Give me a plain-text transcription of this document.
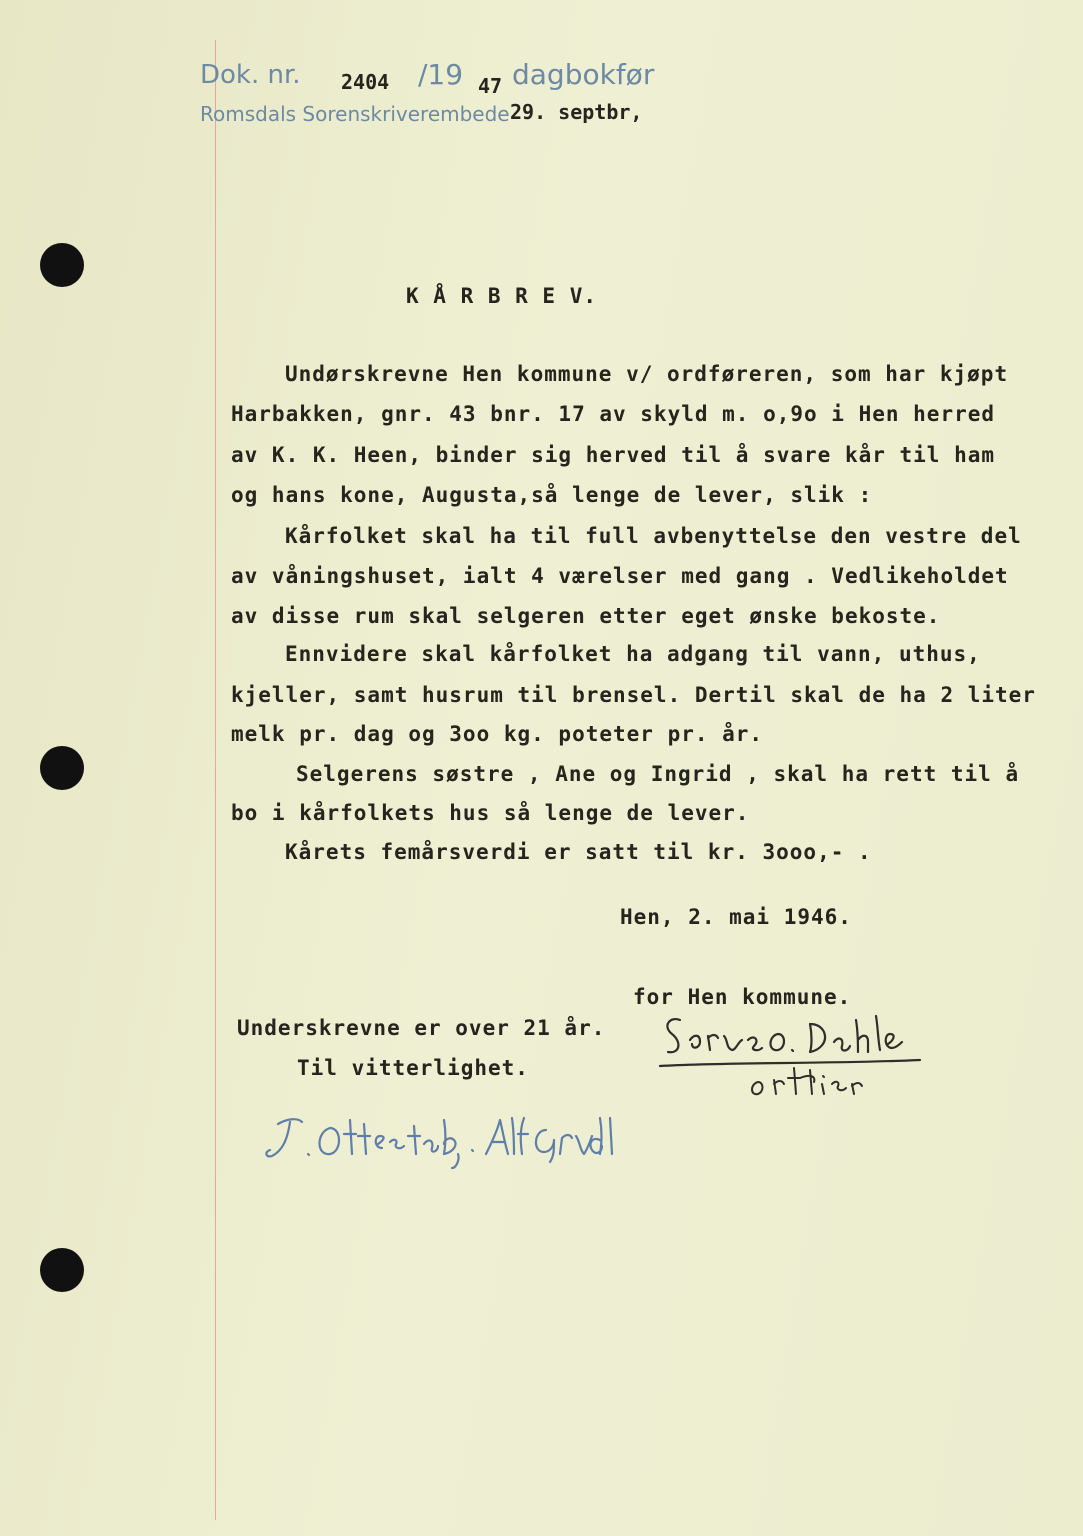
Dok. nr. 2404 /19 47 dagbokfør
Romsdals Sorenskriverembede 29. septbr,
K Å R B R E V.
Undørskrevne Hen kommune v/ ordføreren, som har kjøpt
Harbakken, gnr. 43 bnr. 17 av skyld m. o,9o i Hen herred
av K. K. Heen, binder sig herved til å svare kår til ham
og hans kone, Augusta,så lenge de lever, slik :
Kårfolket skal ha til full avbenyttelse den vestre del
av våningshuset, ialt 4 værelser med gang . Vedlikeholdet
av disse rum skal selgeren etter eget ønske bekoste.
Ennvidere skal kårfolket ha adgang til vann, uthus,
kjeller, samt husrum til brensel. Dertil skal de ha 2 liter
melk pr. dag og 3oo kg. poteter pr. år.
Selgerens søstre , Ane og Ingrid , skal ha rett til å
bo i kårfolkets hus så lenge de lever.
Kårets femårsverdi er satt til kr. 3ooo,- .
Hen, 2. mai 1946.
for Hen kommune.
Underskrevne er over 21 år.
Til vitterlighet.
